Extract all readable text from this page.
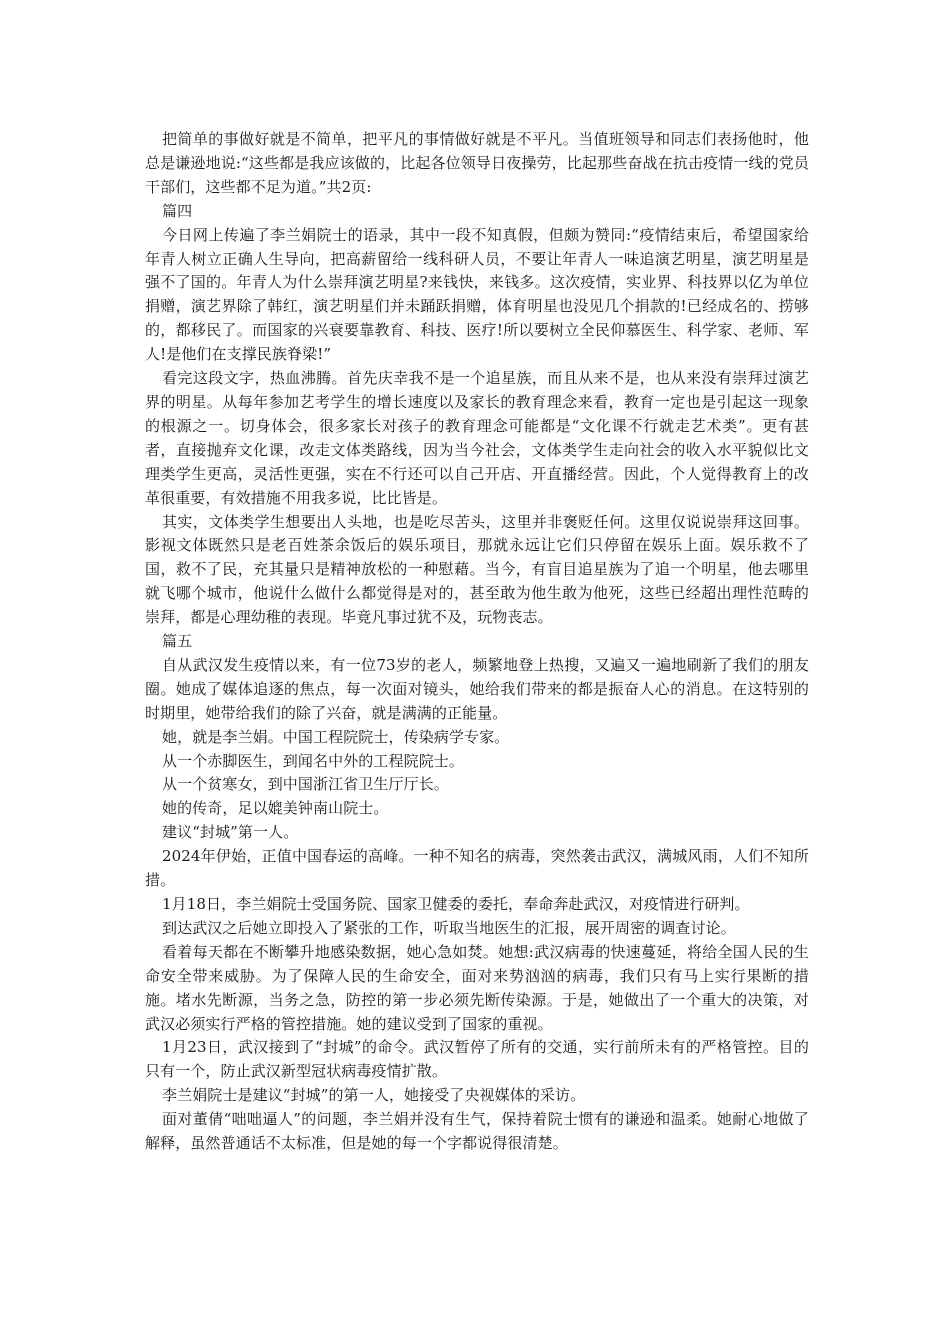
把简单的事做好就是不简单，把平凡的事情做好就是不平凡。当值班领导和同志们表扬他时，他总是谦逊地说:“这些都是我应该做的，比起各位领导日夜操劳，比起那些奋战在抗击疫情一线的党员干部们，这些都不足为道。”共2页:

篇四

今日网上传遍了李兰娟院士的语录，其中一段不知真假，但颇为赞同:“疫情结束后，希望国家给年青人树立正确人生导向，把高薪留给一线科研人员，不要让年青人一味追演艺明星，演艺明星是强不了国的。年青人为什么崇拜演艺明星?来钱快，来钱多。这次疫情，实业界、科技界以亿为单位捐赠，演艺界除了韩红，演艺明星们并未踊跃捐赠，体育明星也没见几个捐款的!已经成名的、捞够的，都移民了。而国家的兴衰要靠教育、科技、医疗!所以要树立全民仰慕医生、科学家、老师、军人!是他们在支撑民族脊梁!”

看完这段文字，热血沸腾。首先庆幸我不是一个追星族，而且从来不是，也从来没有崇拜过演艺界的明星。从每年参加艺考学生的增长速度以及家长的教育理念来看，教育一定也是引起这一现象的根源之一。切身体会，很多家长对孩子的教育理念可能都是“文化课不行就走艺术类”。更有甚者，直接抛弃文化课，改走文体类路线，因为当今社会，文体类学生走向社会的收入水平貌似比文理类学生更高，灵活性更强，实在不行还可以自己开店、开直播经营。因此，个人觉得教育上的改革很重要，有效措施不用我多说，比比皆是。

其实，文体类学生想要出人头地，也是吃尽苦头，这里并非褒贬任何。这里仅说说崇拜这回事。影视文体既然只是老百姓茶余饭后的娱乐项目，那就永远让它们只停留在娱乐上面。娱乐救不了国，救不了民，充其量只是精神放松的一种慰藉。当今，有盲目追星族为了追一个明星，他去哪里就飞哪个城市，他说什么做什么都觉得是对的，甚至敢为他生敢为他死，这些已经超出理性范畴的崇拜，都是心理幼稚的表现。毕竟凡事过犹不及，玩物丧志。

篇五

自从武汉发生疫情以来，有一位73岁的老人，频繁地登上热搜，又遍又一遍地刷新了我们的朋友圈。她成了媒体追逐的焦点，每一次面对镜头，她给我们带来的都是振奋人心的消息。在这特别的时期里，她带给我们的除了兴奋，就是满满的正能量。

她，就是李兰娟。中国工程院院士，传染病学专家。

从一个赤脚医生，到闻名中外的工程院院士。

从一个贫寒女，到中国浙江省卫生厅厅长。

她的传奇，足以媲美钟南山院士。

建议“封城”第一人。

2024年伊始，正值中国春运的高峰。一种不知名的病毒，突然袭击武汉，满城风雨，人们不知所措。

1月18日，李兰娟院士受国务院、国家卫健委的委托，奉命奔赴武汉，对疫情进行研判。

到达武汉之后她立即投入了紧张的工作，听取当地医生的汇报，展开周密的调查讨论。

看着每天都在不断攀升地感染数据，她心急如焚。她想:武汉病毒的快速蔓延，将给全国人民的生命安全带来威胁。为了保障人民的生命安全，面对来势汹汹的病毒，我们只有马上实行果断的措施。堵水先断源，当务之急，防控的第一步必须先断传染源。于是，她做出了一个重大的决策，对武汉必须实行严格的管控措施。她的建议受到了国家的重视。

1月23日，武汉接到了“封城”的命令。武汉暂停了所有的交通，实行前所未有的严格管控。目的只有一个，防止武汉新型冠状病毒疫情扩散。

李兰娟院士是建议“封城”的第一人，她接受了央视媒体的采访。

面对董倩“咄咄逼人”的问题，李兰娟并没有生气，保持着院士惯有的谦逊和温柔。她耐心地做了解释，虽然普通话不太标准，但是她的每一个字都说得很清楚。
